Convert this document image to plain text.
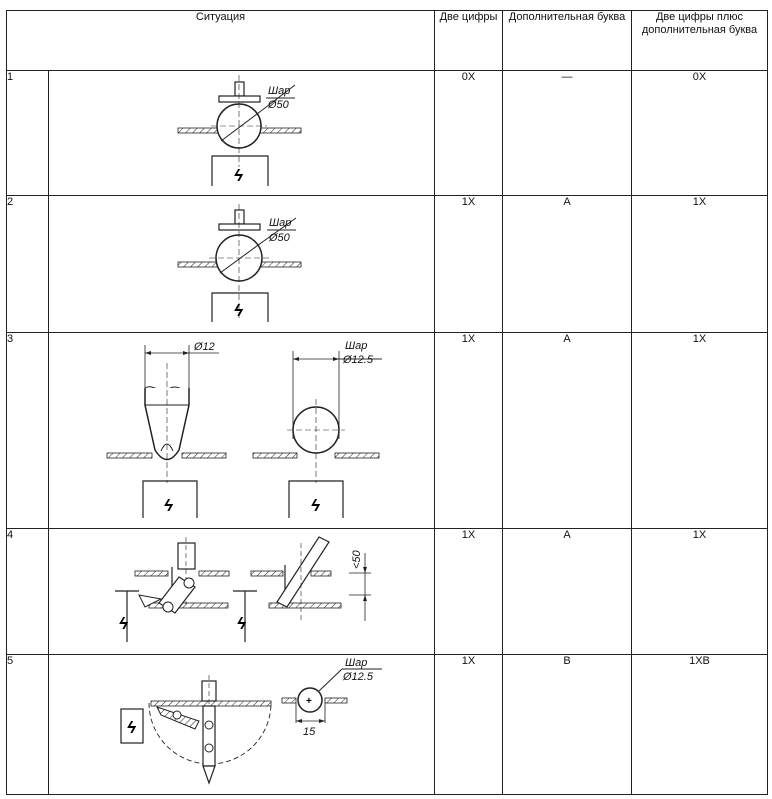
Ситуация		Две цифры	Дополнительная буква	Две цифры плюс дополнительная буква
1	Шар
Ø50
ϟ	0X	—	0X
2	Шар
Ø50
ϟ	1X	A	1X
3	Ø12
ϟ
Шар
Ø12.5
ϟ	1X	A	1X
4	ϟ
<50
ϟ	1X	A	1X
5	ϟ
+
15
Шар
Ø12.5	1X	B	1XB
